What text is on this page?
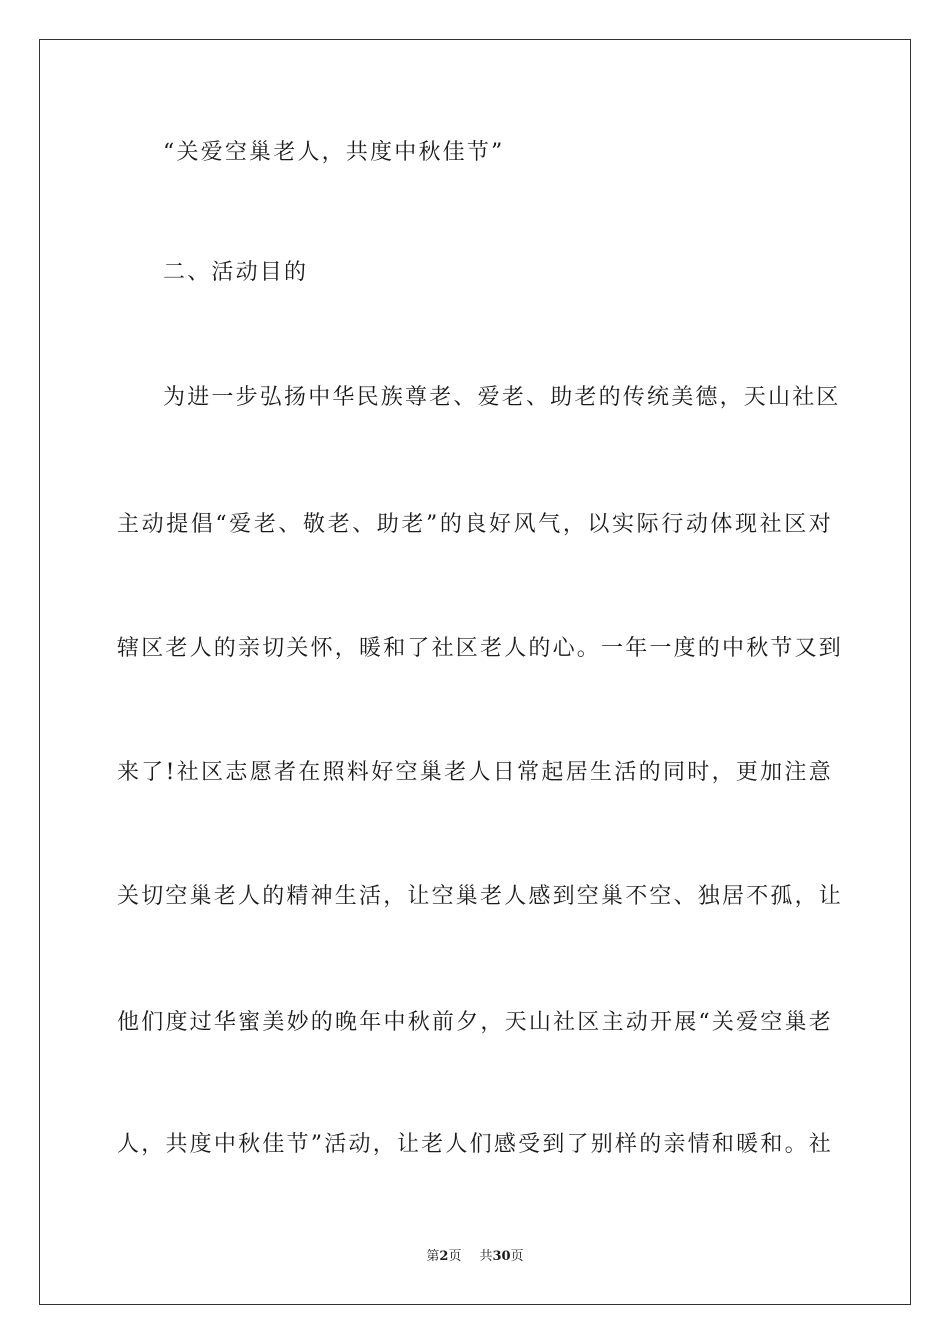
“关爱空巢老人，共度中秋佳节”
二、活动目的
为进一步弘扬中华民族尊老、爱老、助老的传统美德，天山社区
主动提倡“爱老、敬老、助老”的良好风气，以实际行动体现社区对
辖区老人的亲切关怀，暖和了社区老人的心。一年一度的中秋节又到
来了!社区志愿者在照料好空巢老人日常起居生活的同时，更加注意
关切空巢老人的精神生活，让空巢老人感到空巢不空、独居不孤，让
他们度过华蜜美妙的晚年中秋前夕，天山社区主动开展“关爱空巢老
人，共度中秋佳节”活动，让老人们感受到了别样的亲情和暖和。社
第2页 共30页
